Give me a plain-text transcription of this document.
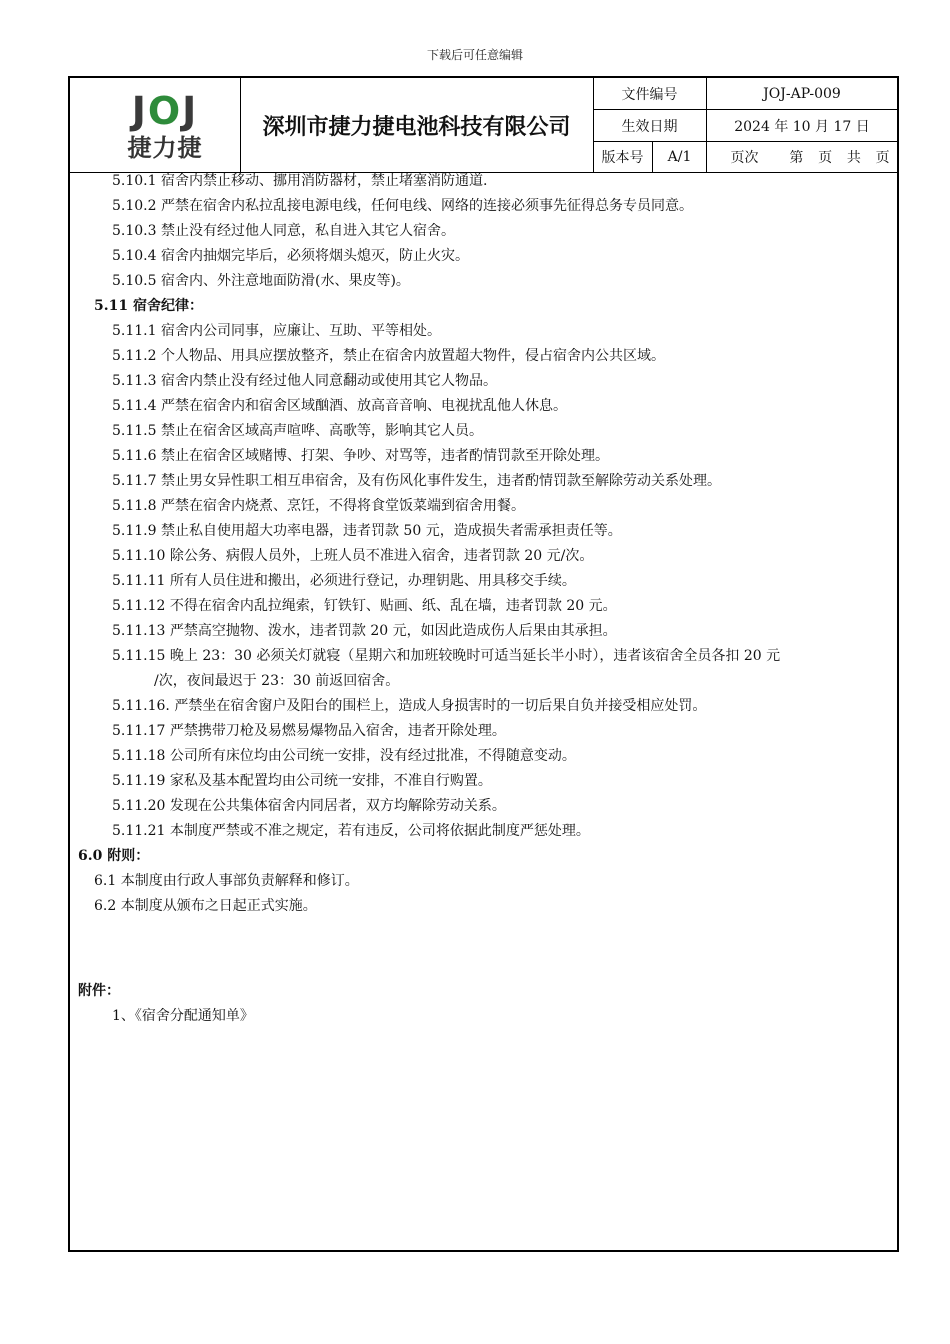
下载后可任意编辑
JOJ
捷力捷
深圳市捷力捷电池科技有限公司
文件编号	JOJ-AP-009
生效日期	2024 年 10 月 17 日
版本号	A/1	页次	第 页 共 页
5.10.1 宿舍内禁止移动、挪用消防器材，禁止堵塞消防通道.
5.10.2 严禁在宿舍内私拉乱接电源电线，任何电线、网络的连接必须事先征得总务专员同意。
5.10.3 禁止没有经过他人同意，私自进入其它人宿舍。
5.10.4 宿舍内抽烟完毕后，必须将烟头熄灭，防止火灾。
5.10.5 宿舍内、外注意地面防滑(水、果皮等)。
5.11 宿舍纪律：
5.11.1 宿舍内公司同事，应廉让、互助、平等相处。
5.11.2 个人物品、用具应摆放整齐，禁止在宿舍内放置超大物件，侵占宿舍内公共区域。
5.11.3 宿舍内禁止没有经过他人同意翻动或使用其它人物品。
5.11.4 严禁在宿舍内和宿舍区域酗酒、放高音音响、电视扰乱他人休息。
5.11.5 禁止在宿舍区域高声喧哗、高歌等，影响其它人员。
5.11.6 禁止在宿舍区域赌博、打架、争吵、对骂等，违者酌情罚款至开除处理。
5.11.7 禁止男女异性职工相互串宿舍，及有伤风化事件发生，违者酌情罚款至解除劳动关系处理。
5.11.8 严禁在宿舍内烧煮、烹饪，不得将食堂饭菜端到宿舍用餐。
5.11.9 禁止私自使用超大功率电器，违者罚款 50 元，造成损失者需承担责任等。
5.11.10 除公务、病假人员外，上班人员不准进入宿舍，违者罚款 20 元/次。
5.11.11 所有人员住进和搬出，必须进行登记，办理钥匙、用具移交手续。
5.11.12 不得在宿舍内乱拉绳索，钉铁钉、贴画、纸、乱在墙，违者罚款 20 元。
5.11.13 严禁高空抛物、泼水，违者罚款 20 元，如因此造成伤人后果由其承担。
5.11.15 晚上 23：30 必须关灯就寝（星期六和加班较晚时可适当延长半小时），违者该宿舍全员各扣 20 元
/次，夜间最迟于 23：30 前返回宿舍。
5.11.16. 严禁坐在宿舍窗户及阳台的围栏上，造成人身损害时的一切后果自负并接受相应处罚。
5.11.17 严禁携带刀枪及易燃易爆物品入宿舍，违者开除处理。
5.11.18 公司所有床位均由公司统一安排，没有经过批准，不得随意变动。
5.11.19 家私及基本配置均由公司统一安排，不准自行购置。
5.11.20 发现在公共集体宿舍内同居者，双方均解除劳动关系。
5.11.21 本制度严禁或不准之规定，若有违反，公司将依据此制度严惩处理。
6.0 附则：
6.1 本制度由行政人事部负责解释和修订。
6.2 本制度从颁布之日起正式实施。
附件：
1、《宿舍分配通知单》
